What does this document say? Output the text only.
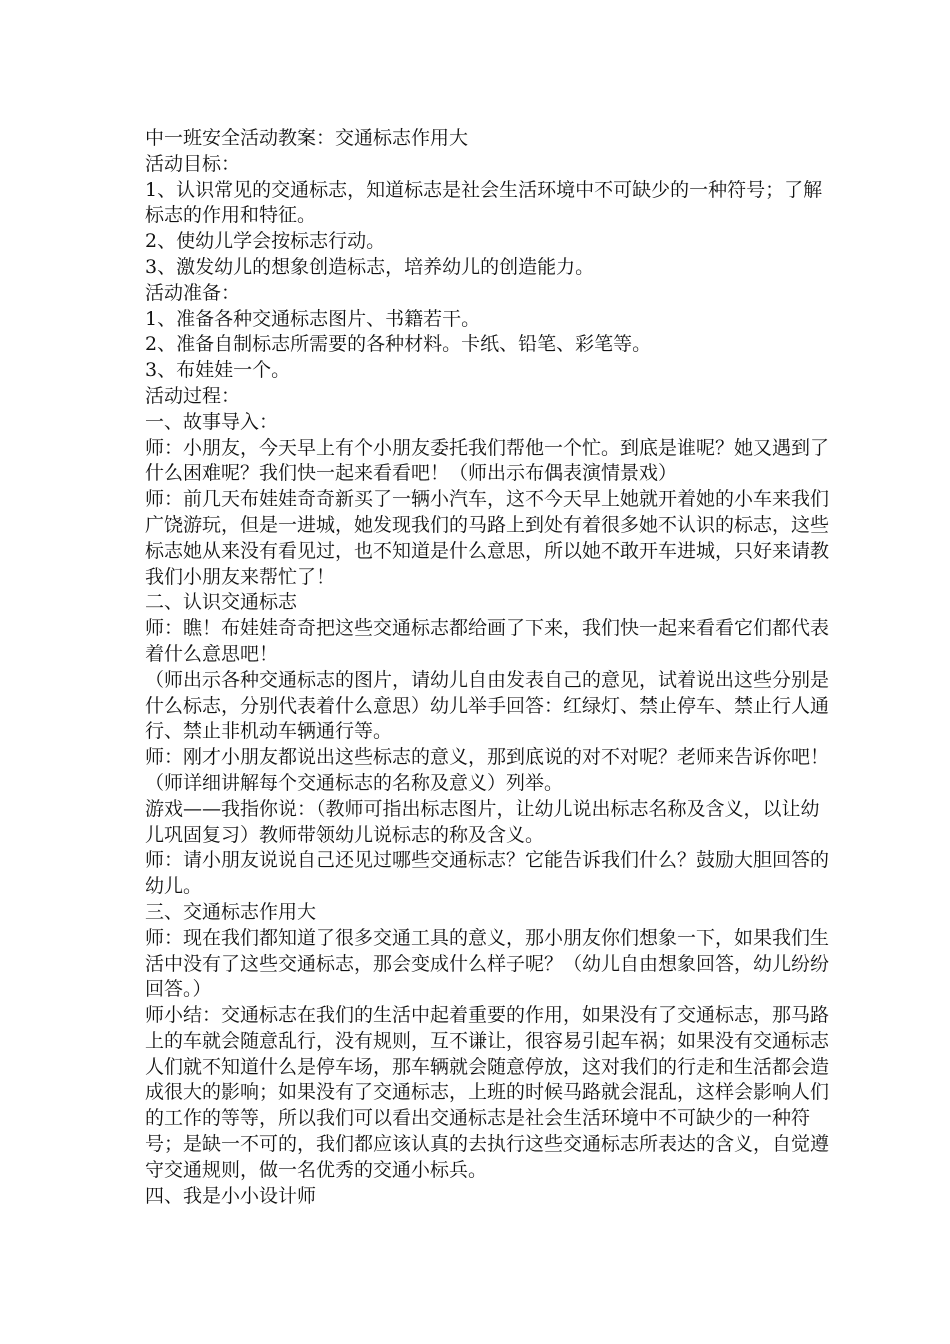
中一班安全活动教案：交通标志作用大

活动目标：

1、认识常见的交通标志，知道标志是社会生活环境中不可缺少的一种符号；了解标志的作用和特征。

2、使幼儿学会按标志行动。

3、激发幼儿的想象创造标志，培养幼儿的创造能力。

活动准备：

1、准备各种交通标志图片、书籍若干。

2、准备自制标志所需要的各种材料。卡纸、铅笔、彩笔等。

3、布娃娃一个。

活动过程：

一、故事导入：

师：小朋友，今天早上有个小朋友委托我们帮他一个忙。到底是谁呢？她又遇到了什么困难呢？我们快一起来看看吧！（师出示布偶表演情景戏）

师：前几天布娃娃奇奇新买了一辆小汽车，这不今天早上她就开着她的小车来我们广饶游玩，但是一进城，她发现我们的马路上到处有着很多她不认识的标志，这些标志她从来没有看见过，也不知道是什么意思，所以她不敢开车进城，只好来请教我们小朋友来帮忙了！

二、认识交通标志

师：瞧！布娃娃奇奇把这些交通标志都给画了下来，我们快一起来看看它们都代表着什么意思吧！

（师出示各种交通标志的图片，请幼儿自由发表自己的意见，试着说出这些分别是什么标志，分别代表着什么意思）幼儿举手回答：红绿灯、禁止停车、禁止行人通行、禁止非机动车辆通行等。

师：刚才小朋友都说出这些标志的意义，那到底说的对不对呢？老师来告诉你吧！（师详细讲解每个交通标志的名称及意义）列举。

游戏——我指你说：（教师可指出标志图片，让幼儿说出标志名称及含义，以让幼儿巩固复习）教师带领幼儿说标志的称及含义。

师：请小朋友说说自己还见过哪些交通标志？它能告诉我们什么？鼓励大胆回答的幼儿。

三、交通标志作用大

师：现在我们都知道了很多交通工具的意义，那小朋友你们想象一下，如果我们生活中没有了这些交通标志，那会变成什么样子呢？（幼儿自由想象回答，幼儿纷纷回答。）

师小结：交通标志在我们的生活中起着重要的作用，如果没有了交通标志，那马路上的车就会随意乱行，没有规则，互不谦让，很容易引起车祸；如果没有交通标志人们就不知道什么是停车场，那车辆就会随意停放，这对我们的行走和生活都会造成很大的影响；如果没有了交通标志，上班的时候马路就会混乱，这样会影响人们的工作的等等，所以我们可以看出交通标志是社会生活环境中不可缺少的一种符号；是缺一不可的，我们都应该认真的去执行这些交通标志所表达的含义，自觉遵守交通规则，做一名优秀的交通小标兵。

四、我是小小设计师
